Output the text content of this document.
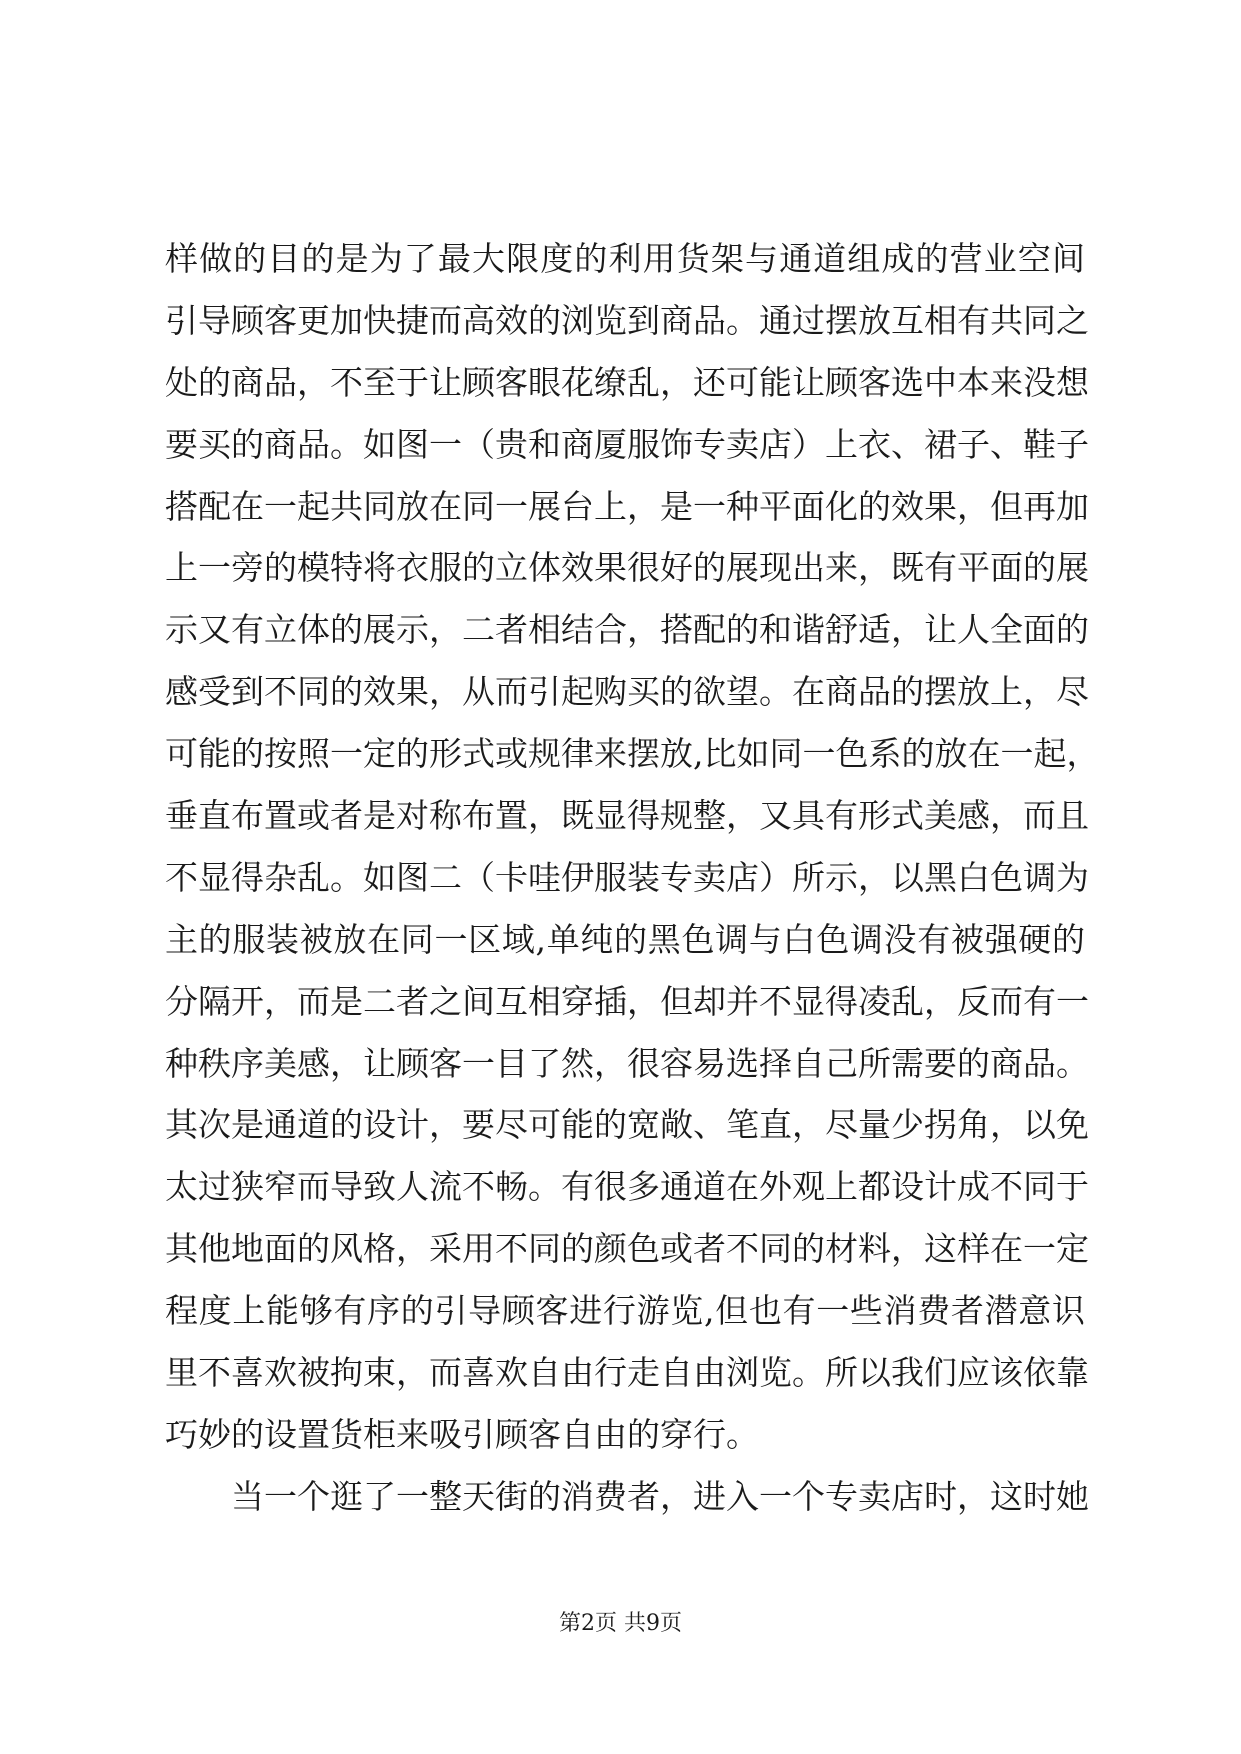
样做的目的是为了最大限度的利用货架与通道组成的营业空间
引导顾客更加快捷而高效的浏览到商品。通过摆放互相有共同之
处的商品，不至于让顾客眼花缭乱，还可能让顾客选中本来没想
要买的商品。如图一（贵和商厦服饰专卖店）上衣、裙子、鞋子
搭配在一起共同放在同一展台上，是一种平面化的效果，但再加
上一旁的模特将衣服的立体效果很好的展现出来，既有平面的展
示又有立体的展示，二者相结合，搭配的和谐舒适，让人全面的
感受到不同的效果，从而引起购买的欲望。在商品的摆放上，尽
可能的按照一定的形式或规律来摆放,比如同一色系的放在一起，
垂直布置或者是对称布置，既显得规整，又具有形式美感，而且
不显得杂乱。如图二（卡哇伊服装专卖店）所示，以黑白色调为
主的服装被放在同一区域,单纯的黑色调与白色调没有被强硬的
分隔开，而是二者之间互相穿插，但却并不显得凌乱，反而有一
种秩序美感，让顾客一目了然，很容易选择自己所需要的商品。
其次是通道的设计，要尽可能的宽敞、笔直，尽量少拐角，以免
太过狭窄而导致人流不畅。有很多通道在外观上都设计成不同于
其他地面的风格，采用不同的颜色或者不同的材料，这样在一定
程度上能够有序的引导顾客进行游览,但也有一些消费者潜意识
里不喜欢被拘束，而喜欢自由行走自由浏览。所以我们应该依靠
巧妙的设置货柜来吸引顾客自由的穿行。
当一个逛了一整天街的消费者，进入一个专卖店时，这时她
第2页 共9页
